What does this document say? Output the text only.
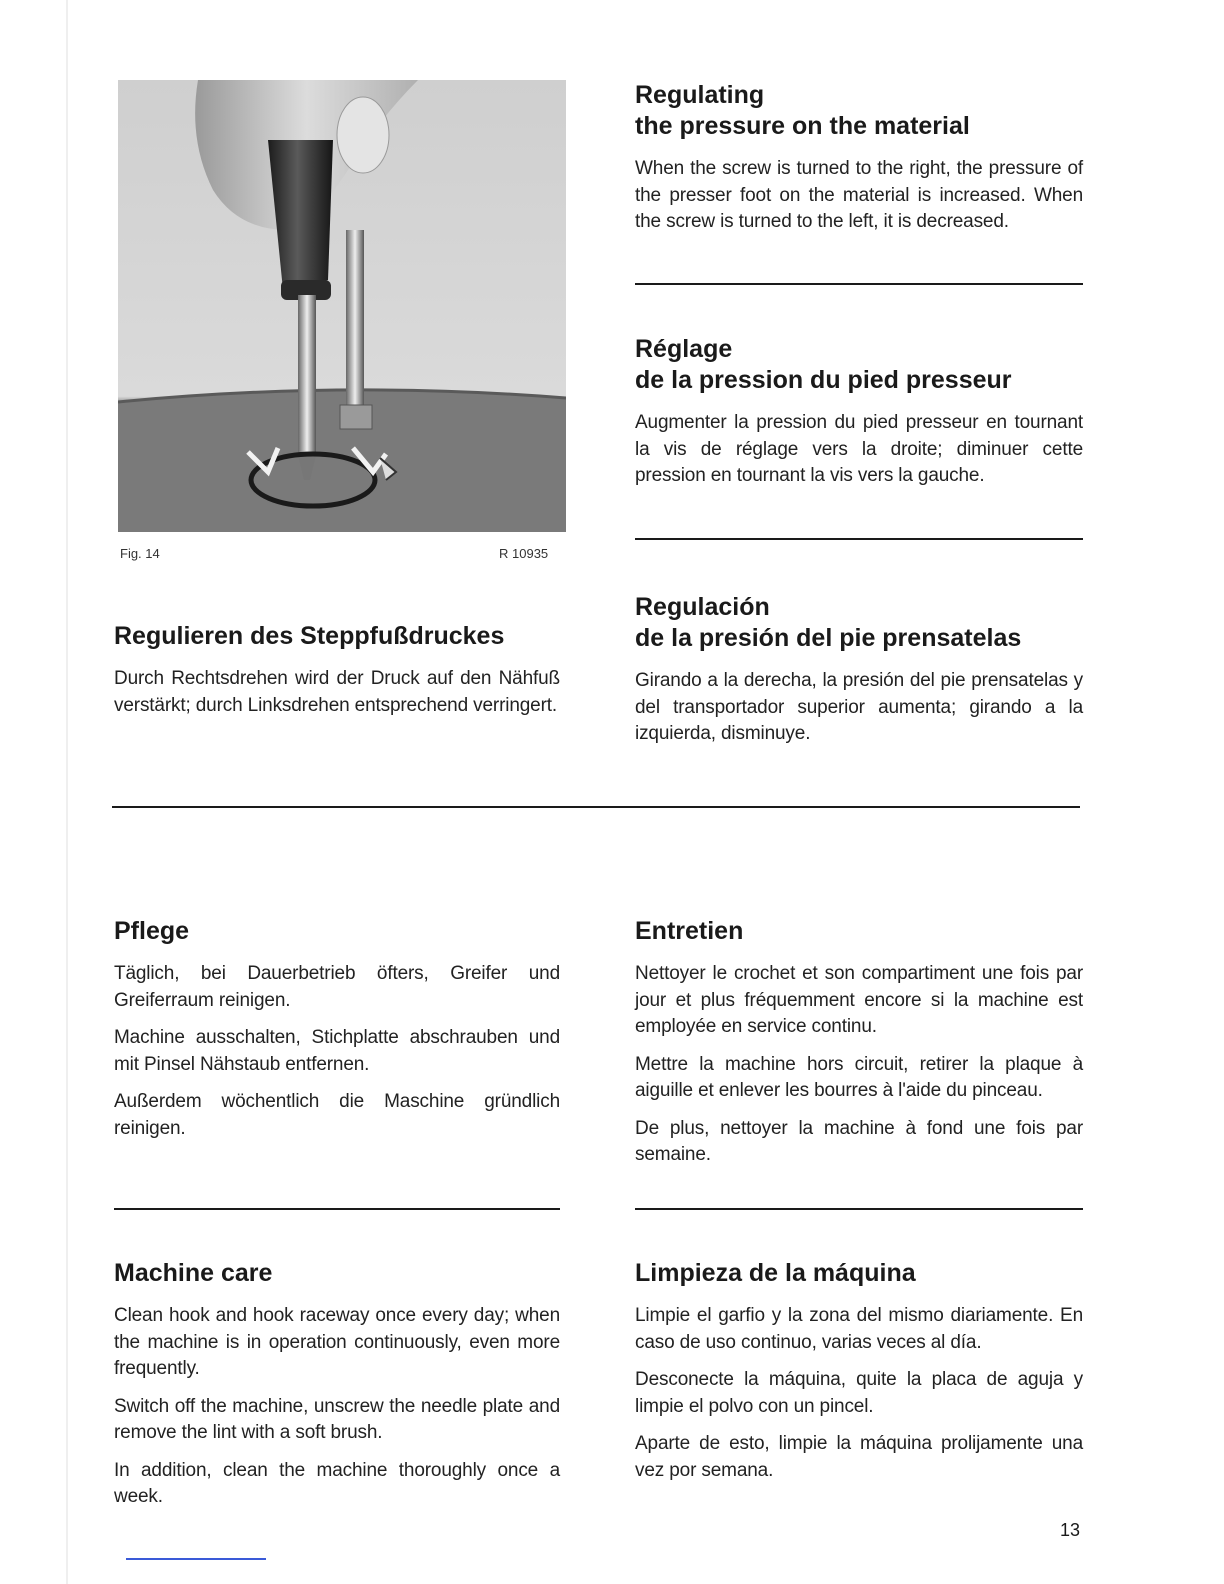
Fig. 14	R 10935
Regulating
the pressure on the material

When the screw is turned to the right, the pressure of the presser foot on the material is increased. When the screw is turned to the left, it is decreased.

Réglage
de la pression du pied presseur

Augmenter la pression du pied presseur en tournant la vis de réglage vers la droite; diminuer cette pression en tournant la vis vers la gauche.

Regulación
de la presión del pie prensatelas

Girando a la derecha, la presión del pie prensatelas y del transportador superior aumenta; girando a la izquierda, disminuye.

Regulieren des Steppfußdruckes

Durch Rechtsdrehen wird der Druck auf den Nähfuß verstärkt; durch Linksdrehen entsprechend verringert.

Pflege

Täglich, bei Dauerbetrieb öfters, Greifer und Greiferraum reinigen.

Machine ausschalten, Stichplatte abschrauben und mit Pinsel Nähstaub entfernen.

Außerdem wöchentlich die Maschine gründlich reinigen.

Entretien

Nettoyer le crochet et son compartiment une fois par jour et plus fréquemment encore si la machine est employée en service continu.

Mettre la machine hors circuit, retirer la plaque à aiguille et enlever les bourres à l'aide du pinceau.

De plus, nettoyer la machine à fond une fois par semaine.

Machine care

Clean hook and hook raceway once every day; when the machine is in operation continuously, even more frequently.

Switch off the machine, unscrew the needle plate and remove the lint with a soft brush.

In addition, clean the machine thoroughly once a week.

Limpieza de la máquina

Limpie el garfio y la zona del mismo diariamente. En caso de uso continuo, varias veces al día.

Desconecte la máquina, quite la placa de aguja y limpie el polvo con un pincel.

Aparte de esto, limpie la máquina prolijamente una vez por semana.

13
